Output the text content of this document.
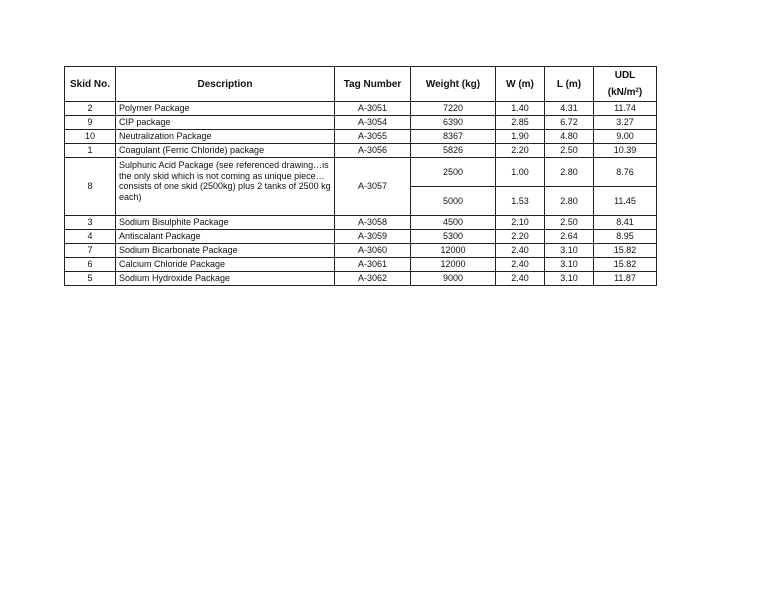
Skid No.	Description	Tag Number	Weight (kg)	W (m)	L (m)	UDL
$(kN/m^2)$
2	Polymer Package	A-3051	7220	1.40	4.31	11.74
9	CIP package	A-3054	6390	2.85	6.72	3.27
10	Neutralization Package	A-3055	8367	1.90	4.80	9.00
1	Coagulant (Ferric Chloride) package	A-3056	5826	2.20	2.50	10.39
8	Sulphuric Acid Package (see referenced drawing…is the only skid which is not coming as unique piece…consists of one skid (2500kg) plus 2 tanks of 2500 kg each)	A-3057	2500	1.00	2.80	8.76
			5000	1.53	2.80	11.45
3	Sodium Bisulphite Package	A-3058	4500	2.10	2.50	8.41
4	Antiscalant Package	A-3059	5300	2.20	2.64	8.95
7	Sodium Bicarbonate Package	A-3060	12000	2.40	3.10	15.82
6	Calcium Chloride Package	A-3061	12000	2.40	3.10	15.82
5	Sodium Hydroxide Package	A-3062	9000	2.40	3.10	11.87
